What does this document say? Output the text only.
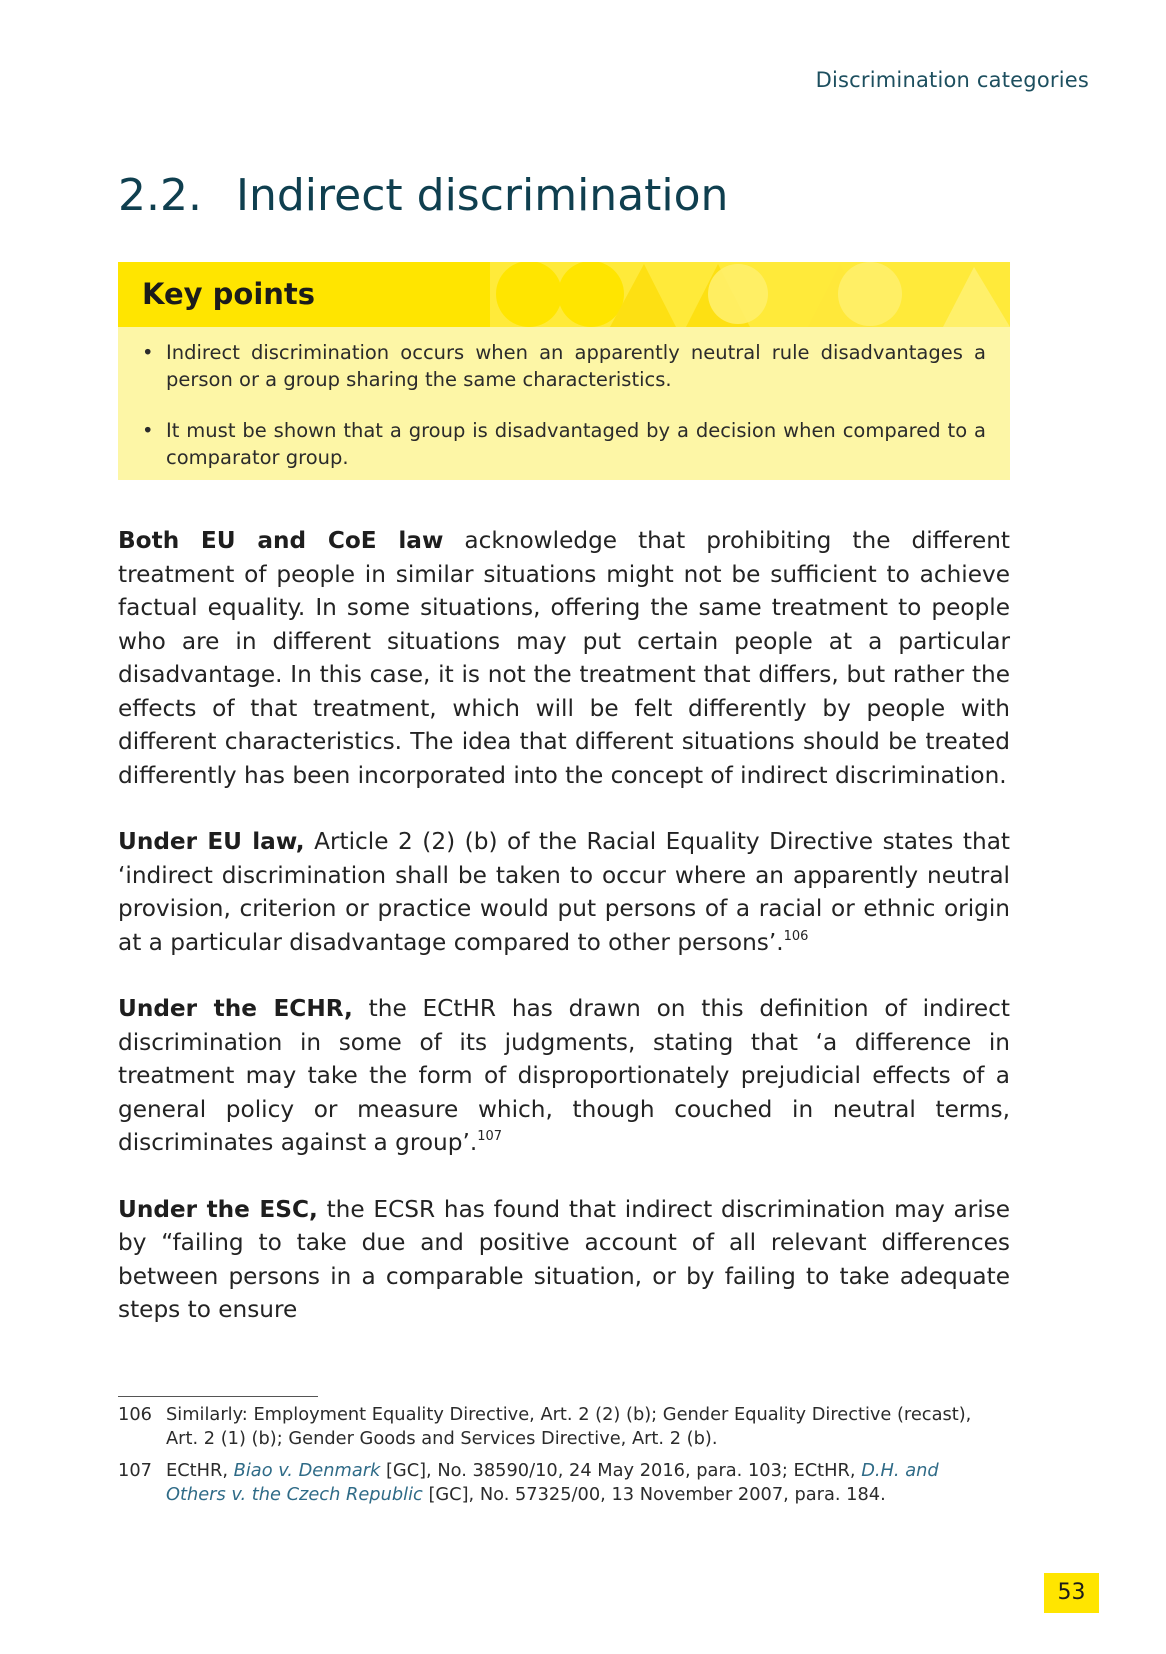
Discrimination categories
2.2. Indirect discrimination
Key points
• Indirect discrimination occurs when an apparently neutral rule disadvantages a person or a group sharing the same characteristics.
• It must be shown that a group is disadvantaged by a decision when compared to a comparator group.

Both EU and CoE law acknowledge that prohibiting the different treatment of people in similar situations might not be sufficient to achieve factual equality. In some situations, offering the same treatment to people who are in different situations may put certain people at a particular disadvantage. In this case, it is not the treatment that differs, but rather the effects of that treatment, which will be felt differently by people with different characteristics. The idea that different situations should be treated differently has been incorporated into the concept of indirect discrimination.

Under EU law, Article 2 (2) (b) of the Racial Equality Directive states that ‘indirect discrimination shall be taken to occur where an apparently neutral provision, criterion or practice would put persons of a racial or ethnic origin at a particular disadvantage compared to other persons’.$^{106}$

Under the ECHR, the ECtHR has drawn on this definition of indirect discrimination in some of its judgments, stating that ‘a difference in treatment may take the form of disproportionately prejudicial effects of a general policy or measure which, though couched in neutral terms, discriminates against a group’.$^{107}$

Under the ESC, the ECSR has found that indirect discrimination may arise by “failing to take due and positive account of all relevant differences between persons in a comparable situation, or by failing to take adequate steps to ensure

106 Similarly: Employment Equality Directive, Art. 2 (2) (b); Gender Equality Directive (recast), Art. 2 (1) (b); Gender Goods and Services Directive, Art. 2 (b).
107 ECtHR, Biao v. Denmark [GC], No. 38590/10, 24 May 2016, para. 103; ECtHR, D.H. and Others v. the Czech Republic [GC], No. 57325/00, 13 November 2007, para. 184.
53
